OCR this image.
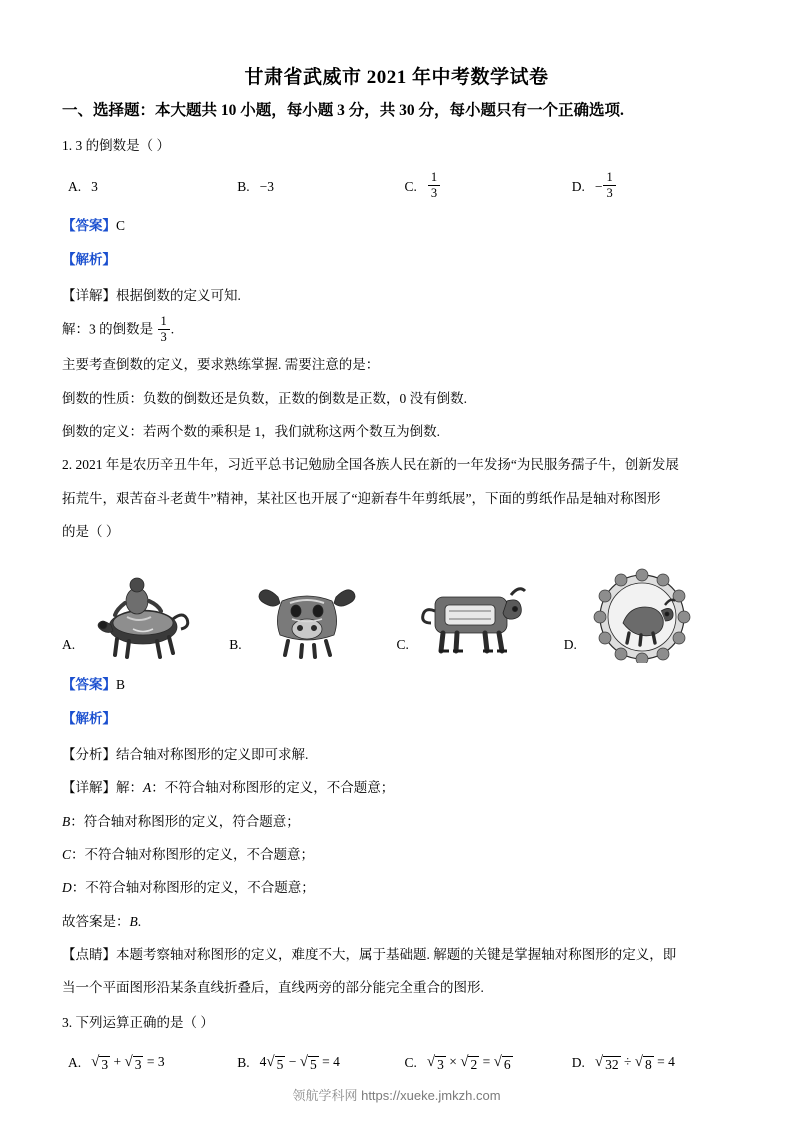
甘肃省武威市 2021 年中考数学试卷
一、选择题：本大题共 10 小题，每小题 3 分，共 30 分，每小题只有一个正确选项.
1. 3 的倒数是（ ）
A. 3	B. −3	C. $\frac{1}{3}$	D. − $\frac{1}{3}$
【答案】C
【解析】
【详解】根据倒数的定义可知.
解：3 的倒数是 $\frac{1}{3}$ .
主要考查倒数的定义，要求熟练掌握. 需要注意的是：
倒数的性质：负数的倒数还是负数，正数的倒数是正数，0 没有倒数.
倒数的定义：若两个数的乘积是 1，我们就称这两个数互为倒数.
2. 2021 年是农历辛丑牛年，习近平总书记勉励全国各族人民在新的一年发扬“为民服务孺子牛，创新发展
拓荒牛，艰苦奋斗老黄牛”精神，某社区也开展了“迎新春牛年剪纸展”，下面的剪纸作品是轴对称图形
的是（ ）
A.	B.	C.	D.
【答案】B
【解析】
【分析】结合轴对称图形的定义即可求解.
【详解】解：A：不符合轴对称图形的定义，不合题意；
B：符合轴对称图形的定义，符合题意；
C：不符合轴对称图形的定义，不合题意；
D：不符合轴对称图形的定义，不合题意；
故答案是：B.
【点睛】本题考察轴对称图形的定义，难度不大，属于基础题. 解题的关键是掌握轴对称图形的定义，即
当一个平面图形沿某条直线折叠后，直线两旁的部分能完全重合的图形.
3. 下列运算正确的是（ ）
A. √ 3 + √ 3 = 3	B. 4 √ 5 − √ 5 = 4	C. √ 3 × √ 2 = √ 6	D. √ 32 ÷ √ 8 = 4
领航学科网 https://xueke.jmkzh.com
